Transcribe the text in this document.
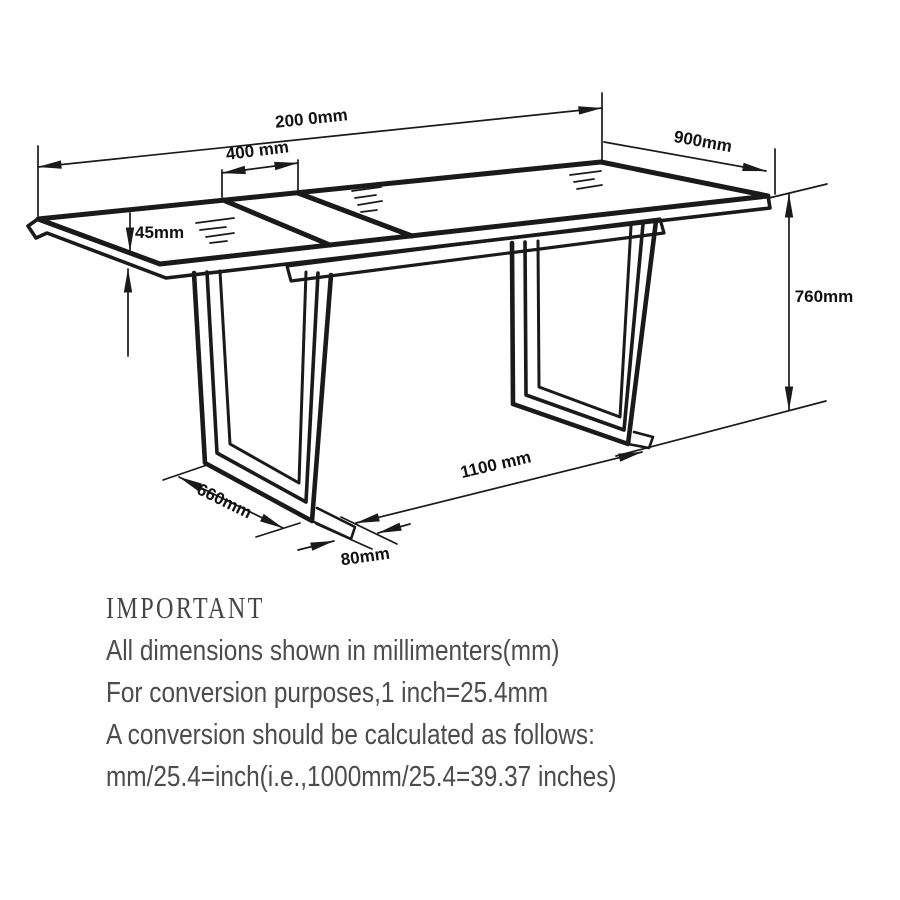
200 0mm
400 mm	900mm
45mm
760mm
1100 mm
660mm
80mm
IMPORTANT
All dimensions shown in millimenters(mm)
For conversion purposes,1 inch=25.4mm
A conversion should be calculated as follows:
mm/25.4=inch(i.e.,1000mm/25.4=39.37 inches)
